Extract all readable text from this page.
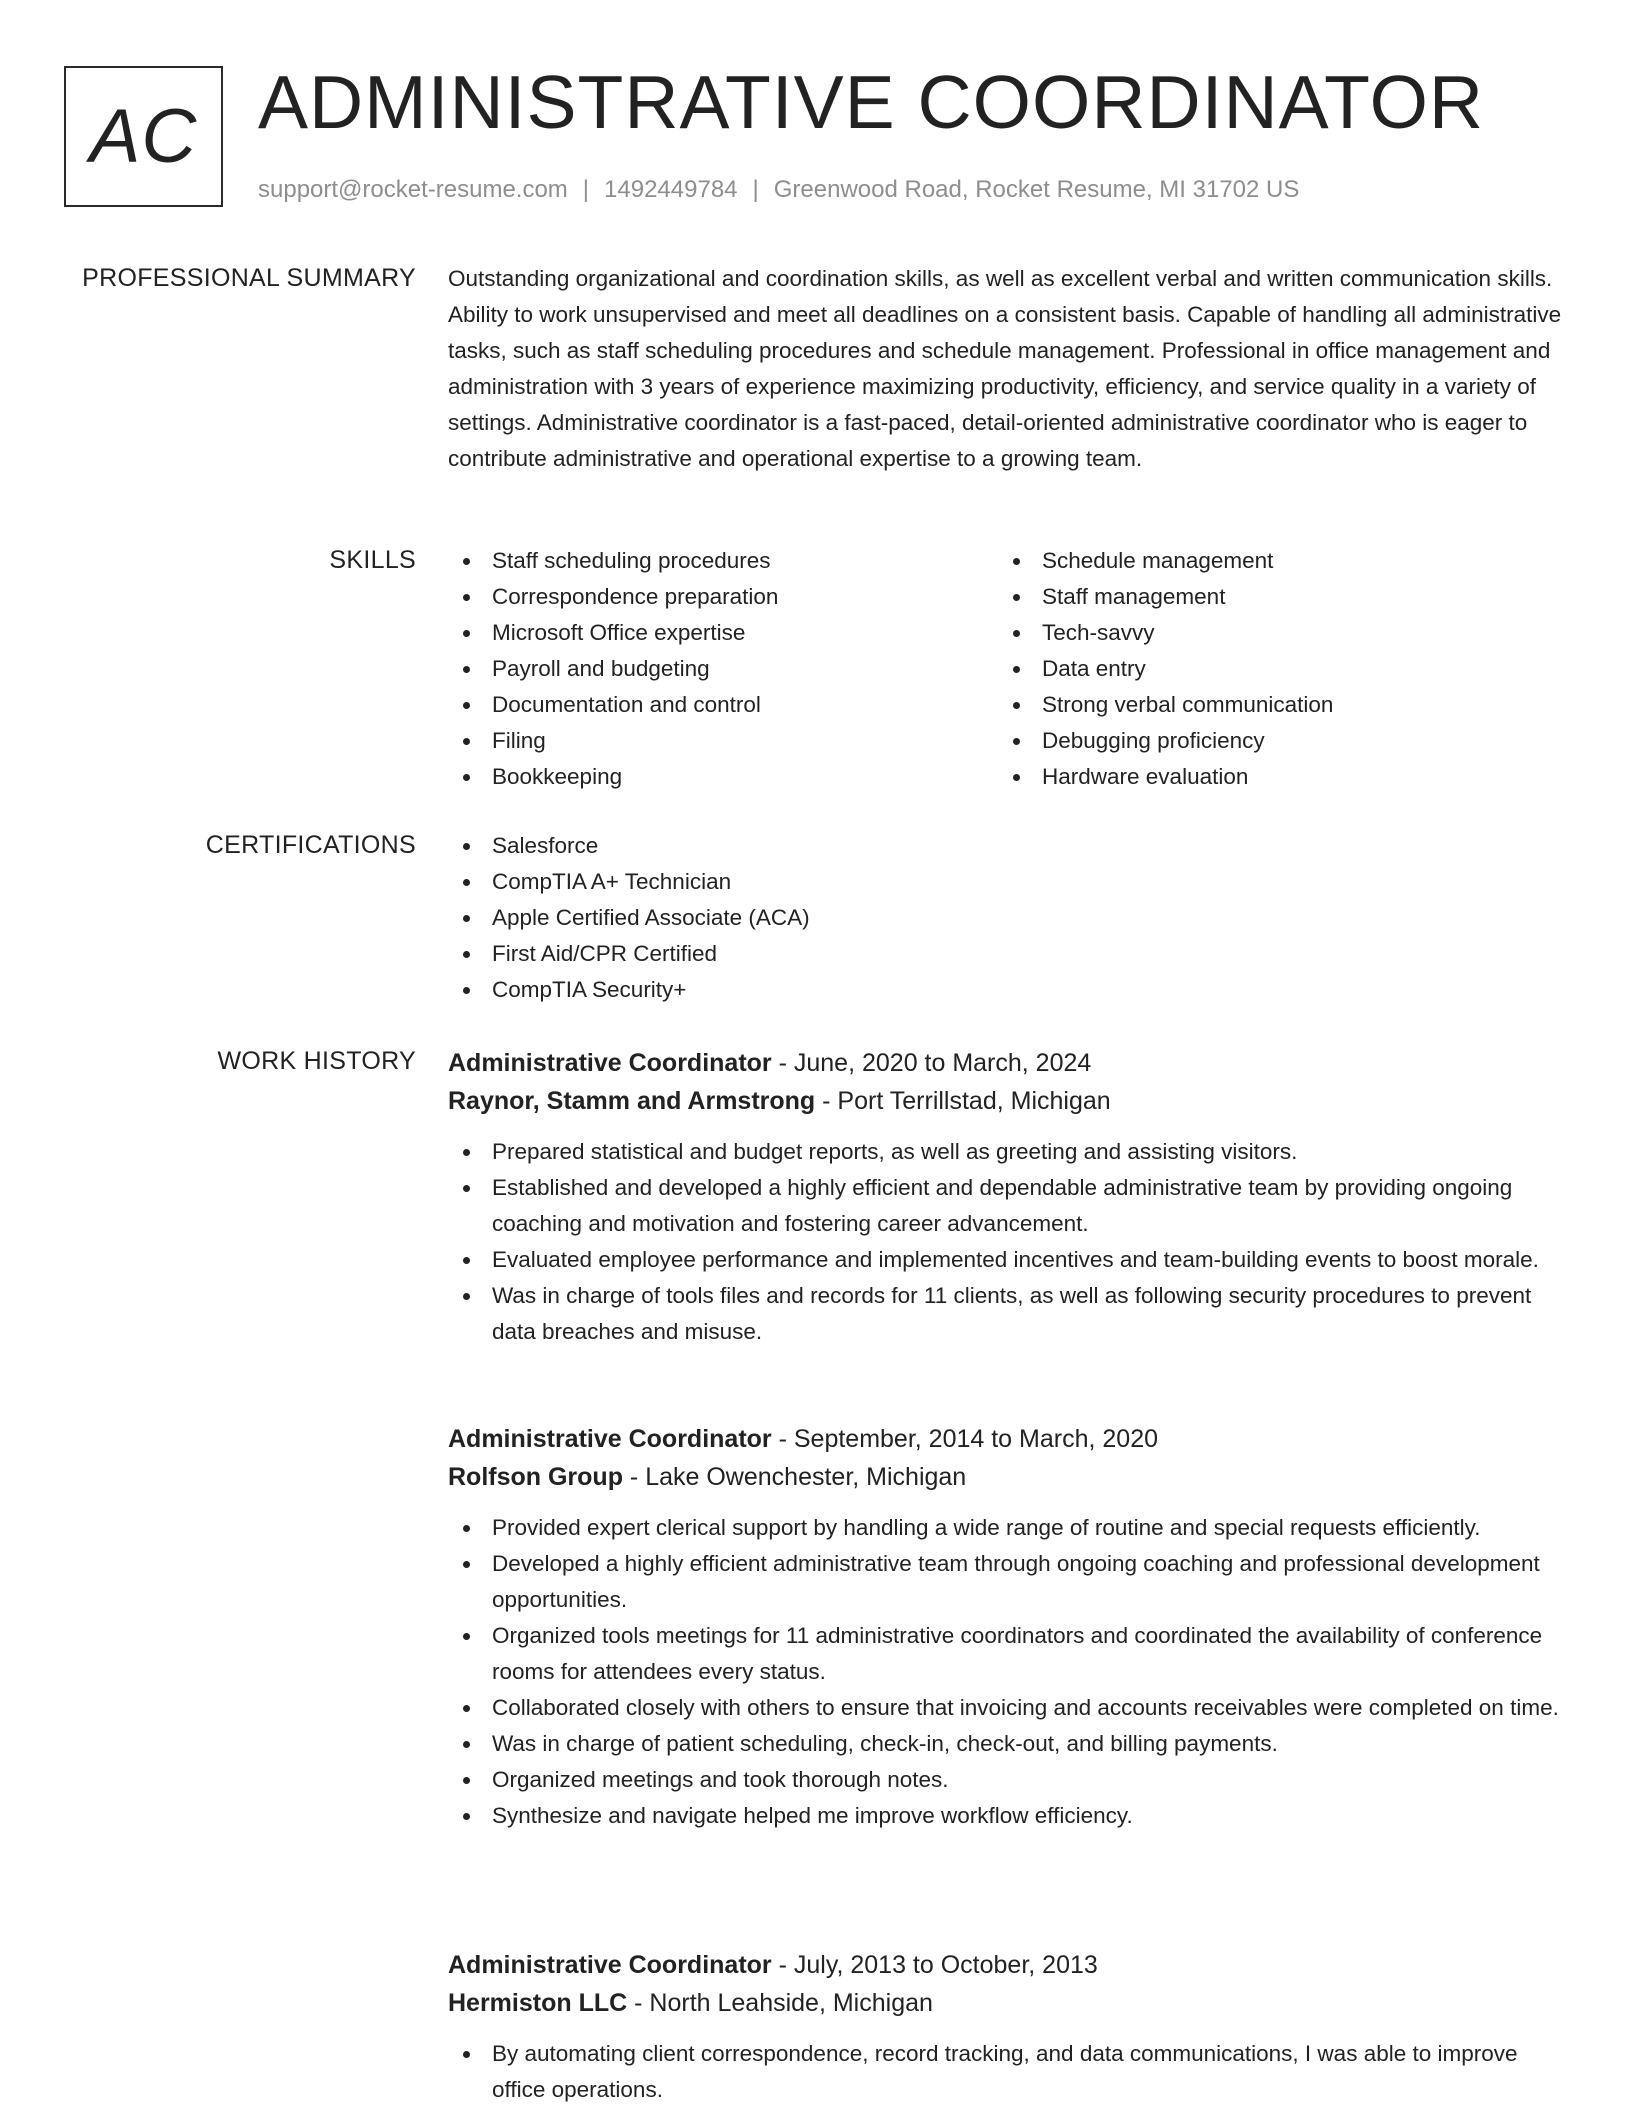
AC ADMINISTRATIVE COORDINATOR
support@rocket-resume.com | 1492449784 | Greenwood Road, Rocket Resume, MI 31702 US
PROFESSIONAL SUMMARY Outstanding organizational and coordination skills, as well as excellent verbal and written communication skills. Ability to work unsupervised and meet all deadlines on a consistent basis. Capable of handling all administrative tasks, such as staff scheduling procedures and schedule management. Professional in office management and administration with 3 years of experience maximizing productivity, efficiency, and service quality in a variety of settings. Administrative coordinator is a fast-paced, detail-oriented administrative coordinator who is eager to contribute administrative and operational expertise to a growing team.

SKILLS	Staff scheduling procedures
Correspondence preparation
Microsoft Office expertise
Payroll and budgeting
Documentation and control
Filing
Bookkeeping
Schedule management
Staff management
Tech-savvy
Data entry
Strong verbal communication
Debugging proficiency
Hardware evaluation
CERTIFICATIONS	Salesforce
CompTIA A+ Technician
Apple Certified Associate (ACA)
First Aid/CPR Certified
CompTIA Security+
WORK HISTORY Administrative Coordinator - June, 2020 to March, 2024
Raynor, Stamm and Armstrong - Port Terrillstad, Michigan
Prepared statistical and budget reports, as well as greeting and assisting visitors.
Established and developed a highly efficient and dependable administrative team by providing ongoing coaching and motivation and fostering career advancement.
Evaluated employee performance and implemented incentives and team-building events to boost morale.
Was in charge of tools files and records for 11 clients, as well as following security procedures to prevent data breaches and misuse.
Administrative Coordinator - September, 2014 to March, 2020
Rolfson Group - Lake Owenchester, Michigan
Provided expert clerical support by handling a wide range of routine and special requests efficiently.
Developed a highly efficient administrative team through ongoing coaching and professional development opportunities.
Organized tools meetings for 11 administrative coordinators and coordinated the availability of conference rooms for attendees every status.
Collaborated closely with others to ensure that invoicing and accounts receivables were completed on time.
Was in charge of patient scheduling, check-in, check-out, and billing payments.
Organized meetings and took thorough notes.
Synthesize and navigate helped me improve workflow efficiency.
Administrative Coordinator - July, 2013 to October, 2013
Hermiston LLC - North Leahside, Michigan
By automating client correspondence, record tracking, and data communications, I was able to improve office operations.
